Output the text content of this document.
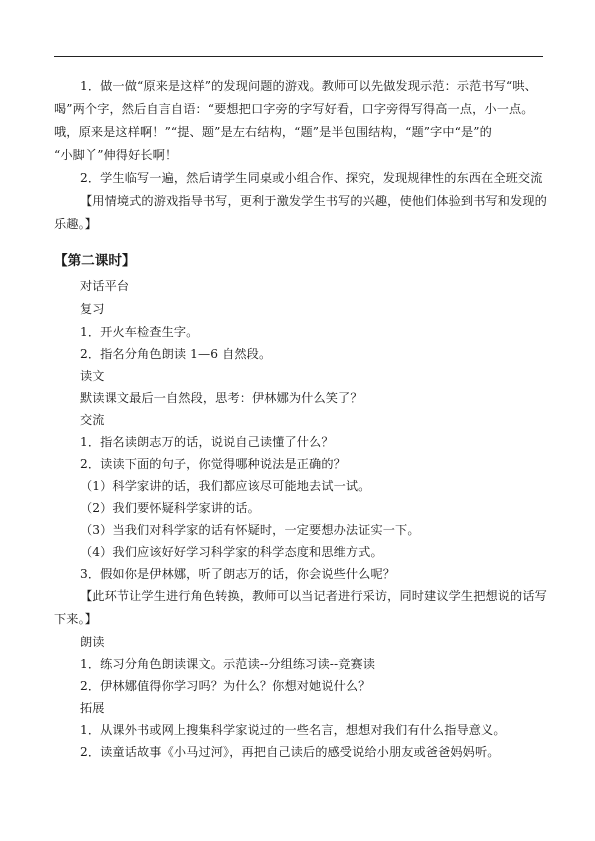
1．做一做“原来是这样”的发现问题的游戏。教师可以先做发现示范：示范书写“哄、
喝”两个字，然后自言自语：“要想把口字旁的字写好看，口字旁得写得高一点，小一点。
哦，原来是这样啊！”“提、题”是左右结构，“题”是半包围结构，“题”字中“是”的
“小脚丫”伸得好长啊！
2．学生临写一遍，然后请学生同桌或小组合作、探究，发现规律性的东西在全班交流
【用情境式的游戏指导书写，更利于激发学生书写的兴趣，使他们体验到书写和发现的
乐趣。】
【第二课时】
对话平台
复习
1．开火车检查生字。
2．指名分角色朗读 1—6 自然段。
读文
默读课文最后一自然段，思考：伊林娜为什么笑了？
交流
1．指名读朗志万的话，说说自己读懂了什么？
2．读读下面的句子，你觉得哪种说法是正确的？
（1）科学家讲的话，我们都应该尽可能地去试一试。
（2）我们要怀疑科学家讲的话。
（3）当我们对科学家的话有怀疑时，一定要想办法证实一下。
（4）我们应该好好学习科学家的科学态度和思维方式。
3．假如你是伊林娜，听了朗志万的话，你会说些什么呢？
【此环节让学生进行角色转换，教师可以当记者进行采访，同时建议学生把想说的话写
下来。】
朗读
1．练习分角色朗读课文。示范读--分组练习读--竞赛读
2．伊林娜值得你学习吗？为什么？你想对她说什么？
拓展
1．从课外书或网上搜集科学家说过的一些名言，想想对我们有什么指导意义。
2．读童话故事《小马过河》，再把自己读后的感受说给小朋友或爸爸妈妈听。
